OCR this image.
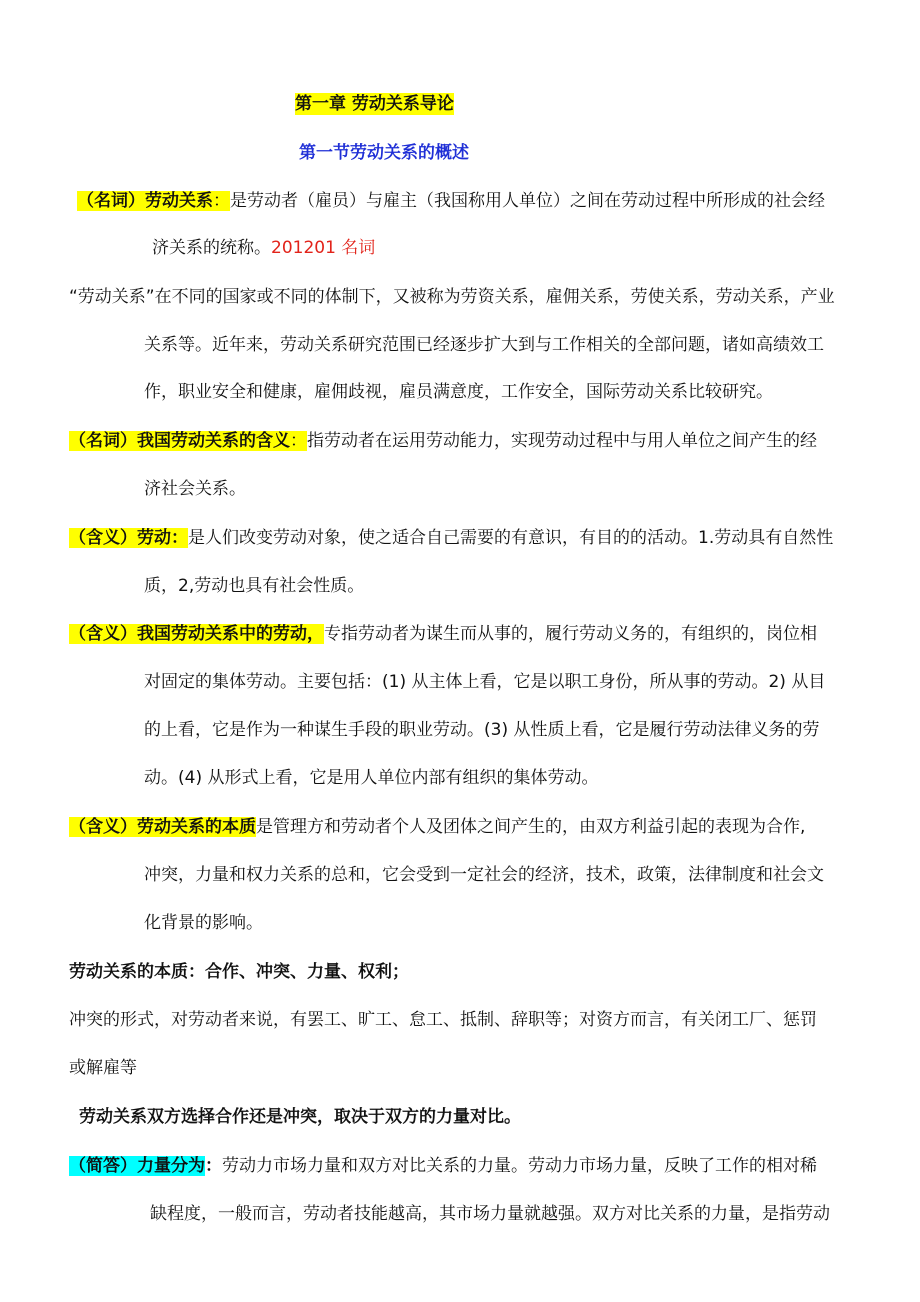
第一章 劳动关系导论
第一节劳动关系的概述
（名词）劳动关系：是劳动者（雇员）与雇主（我国称用人单位）之间在劳动过程中所形成的社会经
济关系的统称。201201 名词
“劳动关系”在不同的国家或不同的体制下，又被称为劳资关系，雇佣关系，劳使关系，劳动关系，产业
关系等。近年来，劳动关系研究范围已经逐步扩大到与工作相关的全部问题，诸如高绩效工
作，职业安全和健康，雇佣歧视，雇员满意度，工作安全，国际劳动关系比较研究。
（名词）我国劳动关系的含义：指劳动者在运用劳动能力，实现劳动过程中与用人单位之间产生的经
济社会关系。
（含义）劳动：是人们改变劳动对象，使之适合自己需要的有意识，有目的的活动。1.劳动具有自然性
质，2,劳动也具有社会性质。
（含义）我国劳动关系中的劳动，专指劳动者为谋生而从事的，履行劳动义务的，有组织的，岗位相
对固定的集体劳动。主要包括：(1) 从主体上看，它是以职工身份，所从事的劳动。2) 从目
的上看，它是作为一种谋生手段的职业劳动。(3) 从性质上看，它是履行劳动法律义务的劳
动。(4) 从形式上看，它是用人单位内部有组织的集体劳动。
（含义）劳动关系的本质是管理方和劳动者个人及团体之间产生的，由双方利益引起的表现为合作,
冲突，力量和权力关系的总和，它会受到一定社会的经济，技术，政策，法律制度和社会文
化背景的影响。
劳动关系的本质：合作、冲突、力量、权利；
冲突的形式，对劳动者来说，有罢工、旷工、怠工、抵制、辞职等；对资方而言，有关闭工厂、惩罚
或解雇等
劳动关系双方选择合作还是冲突，取决于双方的力量对比。
（简答）力量分为：劳动力市场力量和双方对比关系的力量。劳动力市场力量，反映了工作的相对稀
缺程度，一般而言，劳动者技能越高，其市场力量就越强。双方对比关系的力量，是指劳动
